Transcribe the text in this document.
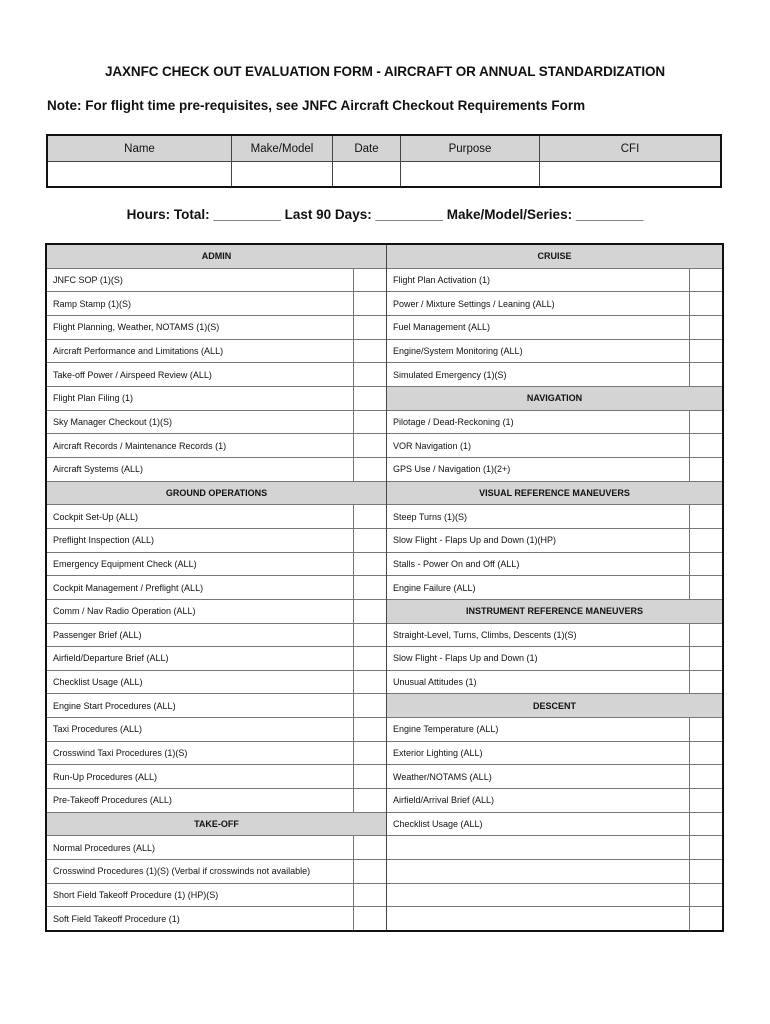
JAXNFC CHECK OUT EVALUATION FORM - AIRCRAFT OR ANNUAL STANDARDIZATION
Note: For flight time pre-requisites, see JNFC Aircraft Checkout Requirements Form
Name	Make/Model	Date	Purpose	CFI
Hours: Total: _________ Last 90 Days: _________ Make/Model/Series: _________
ADMIN
JNFC SOP (1)(S)
Ramp Stamp (1)(S)
Flight Planning, Weather, NOTAMS (1)(S)
Aircraft Performance and Limitations (ALL)
Take-off Power / Airspeed Review (ALL)
Flight Plan Filing (1)
Sky Manager Checkout (1)(S)
Aircraft Records / Maintenance Records (1)
Aircraft Systems (ALL)
GROUND OPERATIONS
Cockpit Set-Up (ALL)
Preflight Inspection (ALL)
Emergency Equipment Check (ALL)
Cockpit Management / Preflight (ALL)
Comm / Nav Radio Operation (ALL)
Passenger Brief (ALL)
Airfield/Departure Brief (ALL)
Checklist Usage (ALL)
Engine Start Procedures (ALL)
Taxi Procedures (ALL)
Crosswind Taxi Procedures (1)(S)
Run-Up Procedures (ALL)
Pre-Takeoff Procedures (ALL)
TAKE-OFF
Normal Procedures (ALL)
Crosswind Procedures (1)(S) (Verbal if crosswinds not available)
Short Field Takeoff Procedure (1) (HP)(S)
Soft Field Takeoff Procedure (1)
CRUISE
Flight Plan Activation (1)
Power / Mixture Settings / Leaning (ALL)
Fuel Management (ALL)
Engine/System Monitoring (ALL)
Simulated Emergency (1)(S)
NAVIGATION
Pilotage / Dead-Reckoning (1)
VOR Navigation (1)
GPS Use / Navigation (1)(2+)
VISUAL REFERENCE MANEUVERS
Steep Turns (1)(S)
Slow Flight - Flaps Up and Down (1)(HP)
Stalls - Power On and Off (ALL)
Engine Failure (ALL)
INSTRUMENT REFERENCE MANEUVERS
Straight-Level, Turns, Climbs, Descents (1)(S)
Slow Flight - Flaps Up and Down (1)
Unusual Attitudes (1)
DESCENT
Engine Temperature (ALL)
Exterior Lighting (ALL)
Weather/NOTAMS (ALL)
Airfield/Arrival Brief (ALL)
Checklist Usage (ALL)
